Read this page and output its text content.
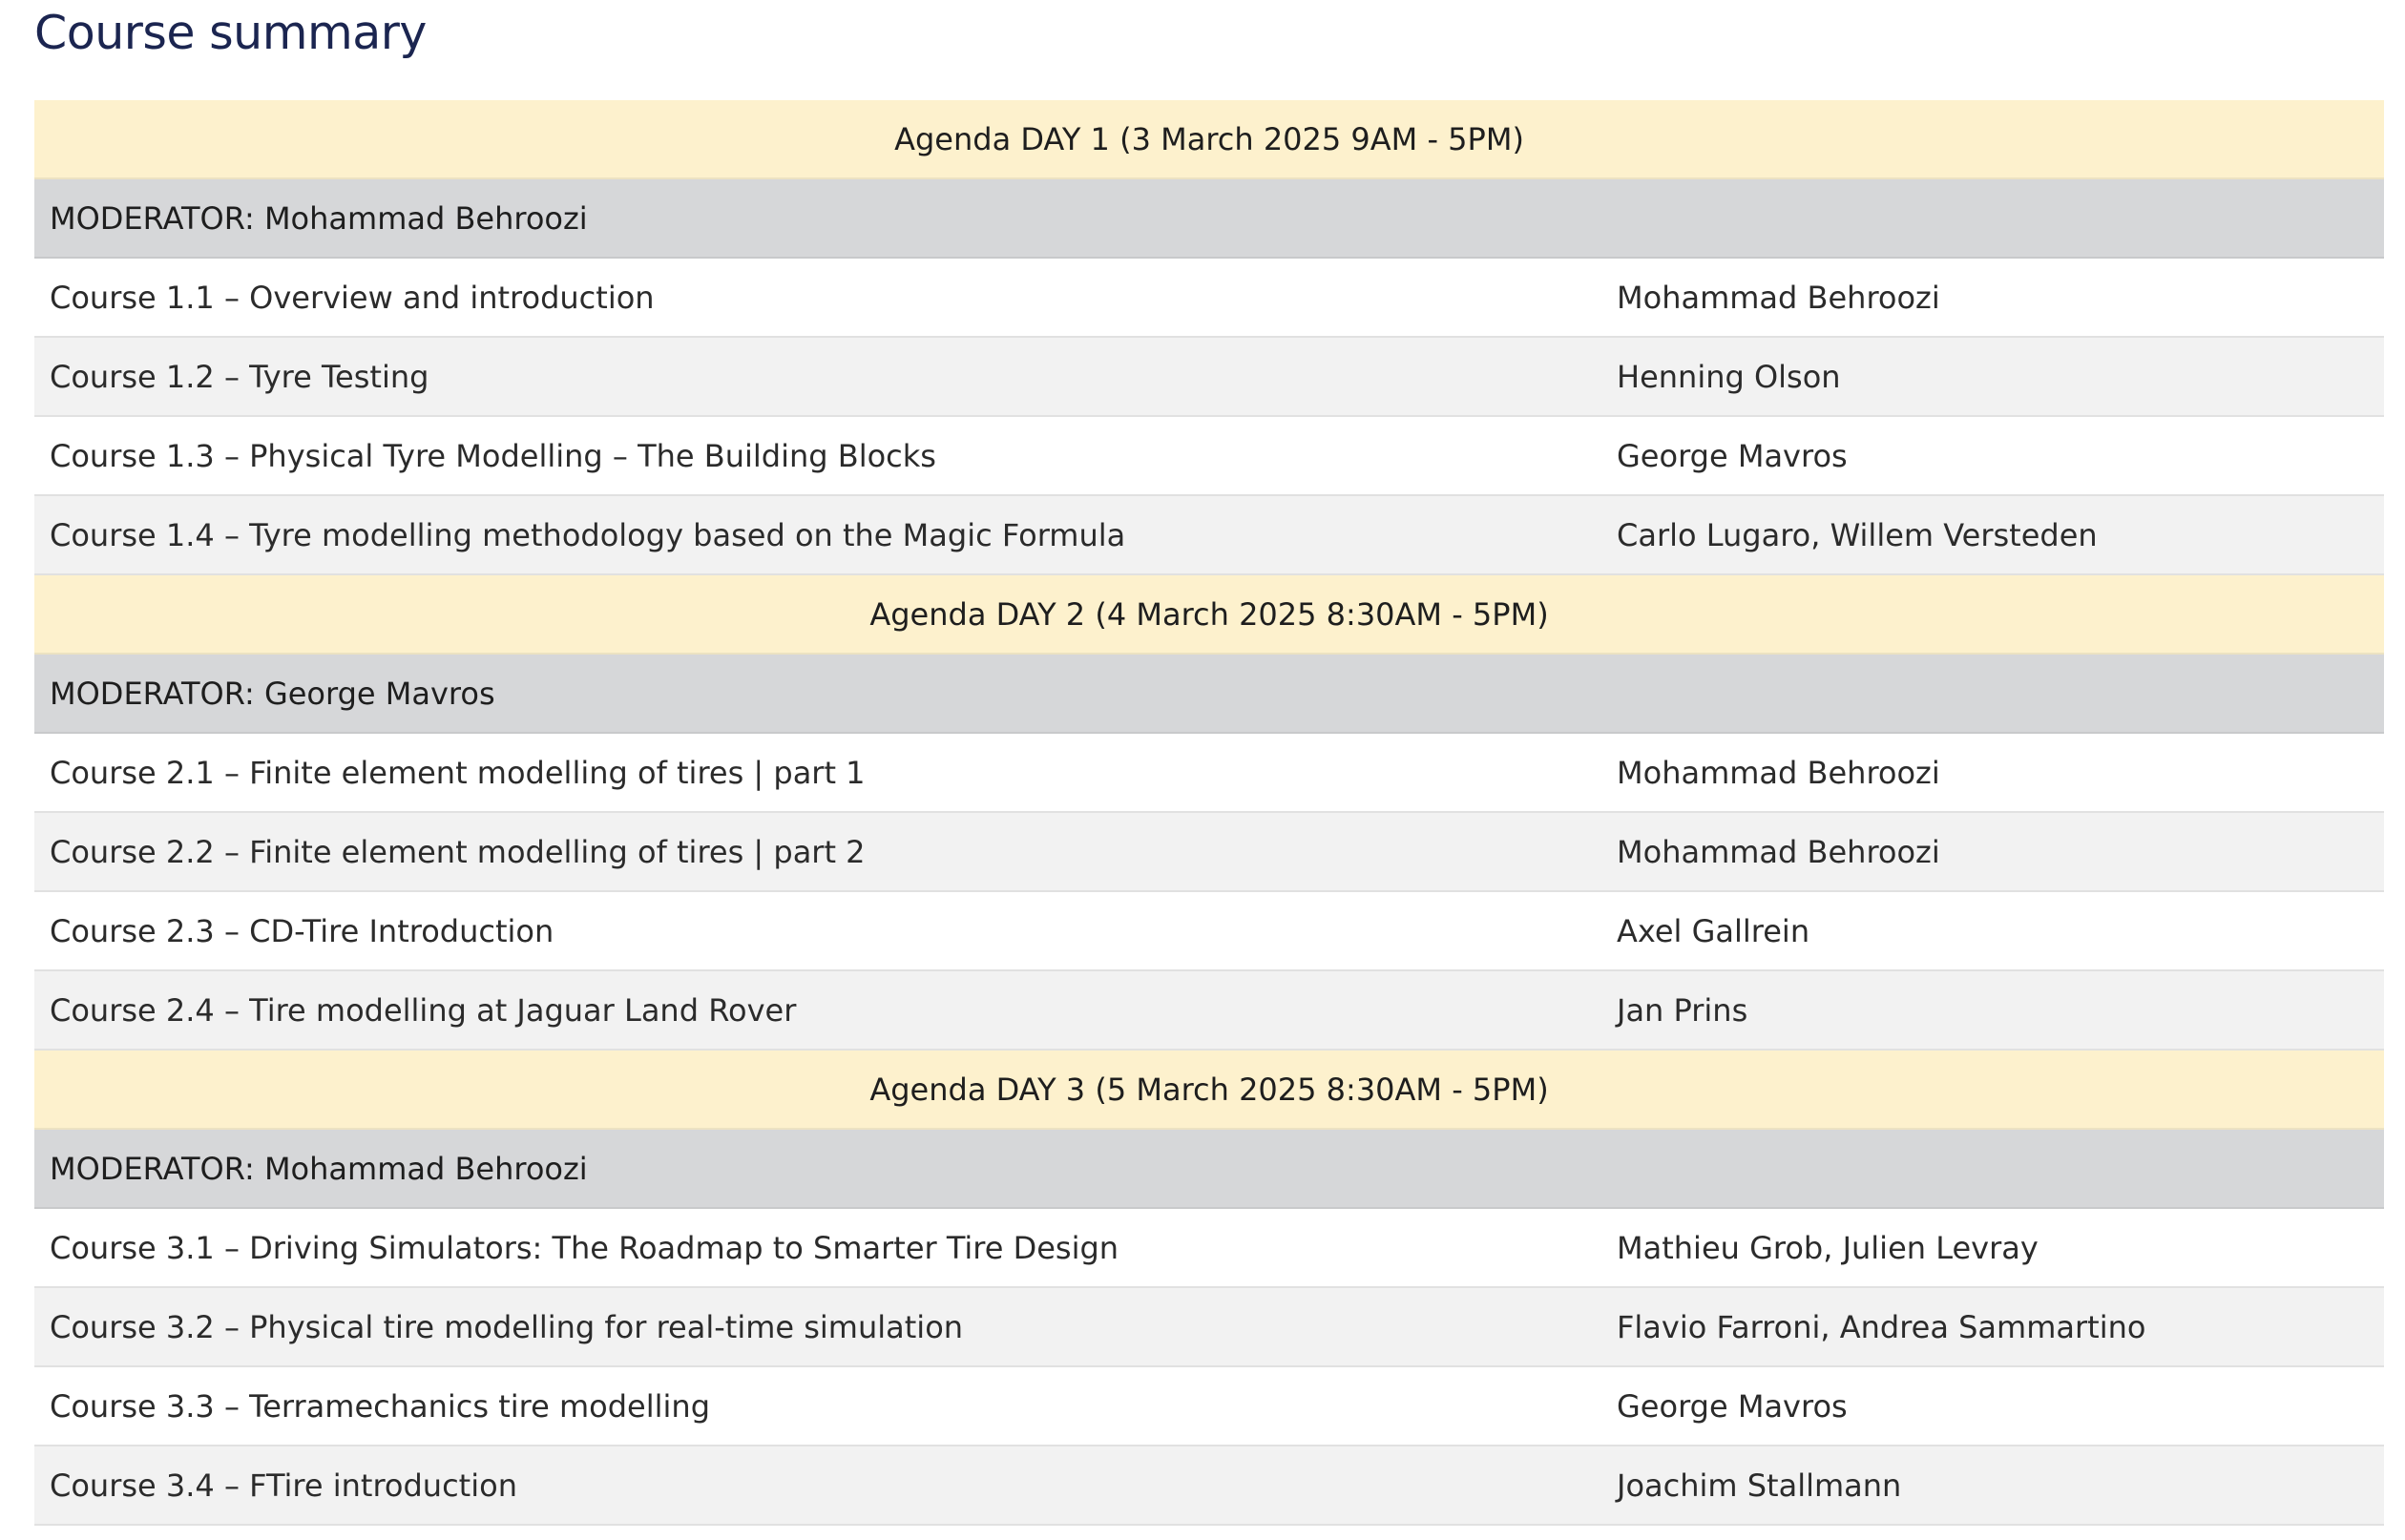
Course summary
Agenda DAY 1 (3 March 2025 9AM - 5PM)	
MODERATOR: Mohammad Behroozi	
Course 1.1 – Overview and introduction	Mohammad Behroozi
Course 1.2 – Tyre Testing	Henning Olson
Course 1.3 – Physical Tyre Modelling – The Building Blocks	George Mavros
Course 1.4 – Tyre modelling methodology based on the Magic Formula	Carlo Lugaro, Willem Versteden
Agenda DAY 2 (4 March 2025 8:30AM - 5PM)	
MODERATOR: George Mavros	
Course 2.1 – Finite element modelling of tires | part 1	Mohammad Behroozi
Course 2.2 – Finite element modelling of tires | part 2	Mohammad Behroozi
Course 2.3 – CD-Tire Introduction	Axel Gallrein
Course 2.4 – Tire modelling at Jaguar Land Rover	Jan Prins
Agenda DAY 3 (5 March 2025 8:30AM - 5PM)	
MODERATOR: Mohammad Behroozi	
Course 3.1 – Driving Simulators: The Roadmap to Smarter Tire Design	Mathieu Grob, Julien Levray
Course 3.2 – Physical tire modelling for real-time simulation	Flavio Farroni, Andrea Sammartino
Course 3.3 – Terramechanics tire modelling	George Mavros
Course 3.4 – FTire introduction	Joachim Stallmann
